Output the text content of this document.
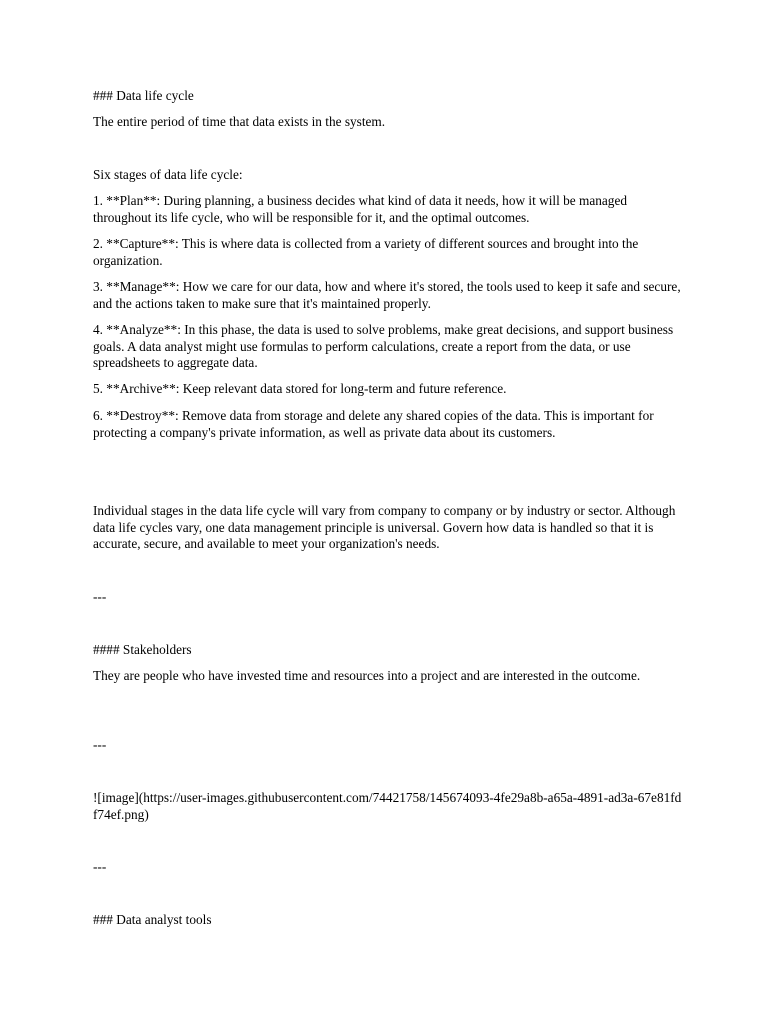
### Data life cycle

The entire period of time that data exists in the system.

Six stages of data life cycle:

1. **Plan**: During planning, a business decides what kind of data it needs, how it will be managed throughout its life cycle, who will be responsible for it, and the optimal outcomes.

2. **Capture**: This is where data is collected from a variety of different sources and brought into the organization.

3. **Manage**: How we care for our data, how and where it's stored, the tools used to keep it safe and secure, and the actions taken to make sure that it's maintained properly.

4. **Analyze**: In this phase, the data is used to solve problems, make great decisions, and support business goals. A data analyst might use formulas to perform calculations, create a report from the data, or use spreadsheets to aggregate data.

5. **Archive**: Keep relevant data stored for long-term and future reference.

6. **Destroy**: Remove data from storage and delete any shared copies of the data. This is important for protecting a company's private information, as well as private data about its customers.

Individual stages in the data life cycle will vary from company to company or by industry or sector. Although data life cycles vary, one data management principle is universal. Govern how data is handled so that it is accurate, secure, and available to meet your organization's needs.

---

#### Stakeholders

They are people who have invested time and resources into a project and are interested in the outcome.

---

![image](https://user-images.githubusercontent.com/74421758/145674093-4fe29a8b-a65a-4891-ad3a-67e81fdf74ef.png)

---

### Data analyst tools
